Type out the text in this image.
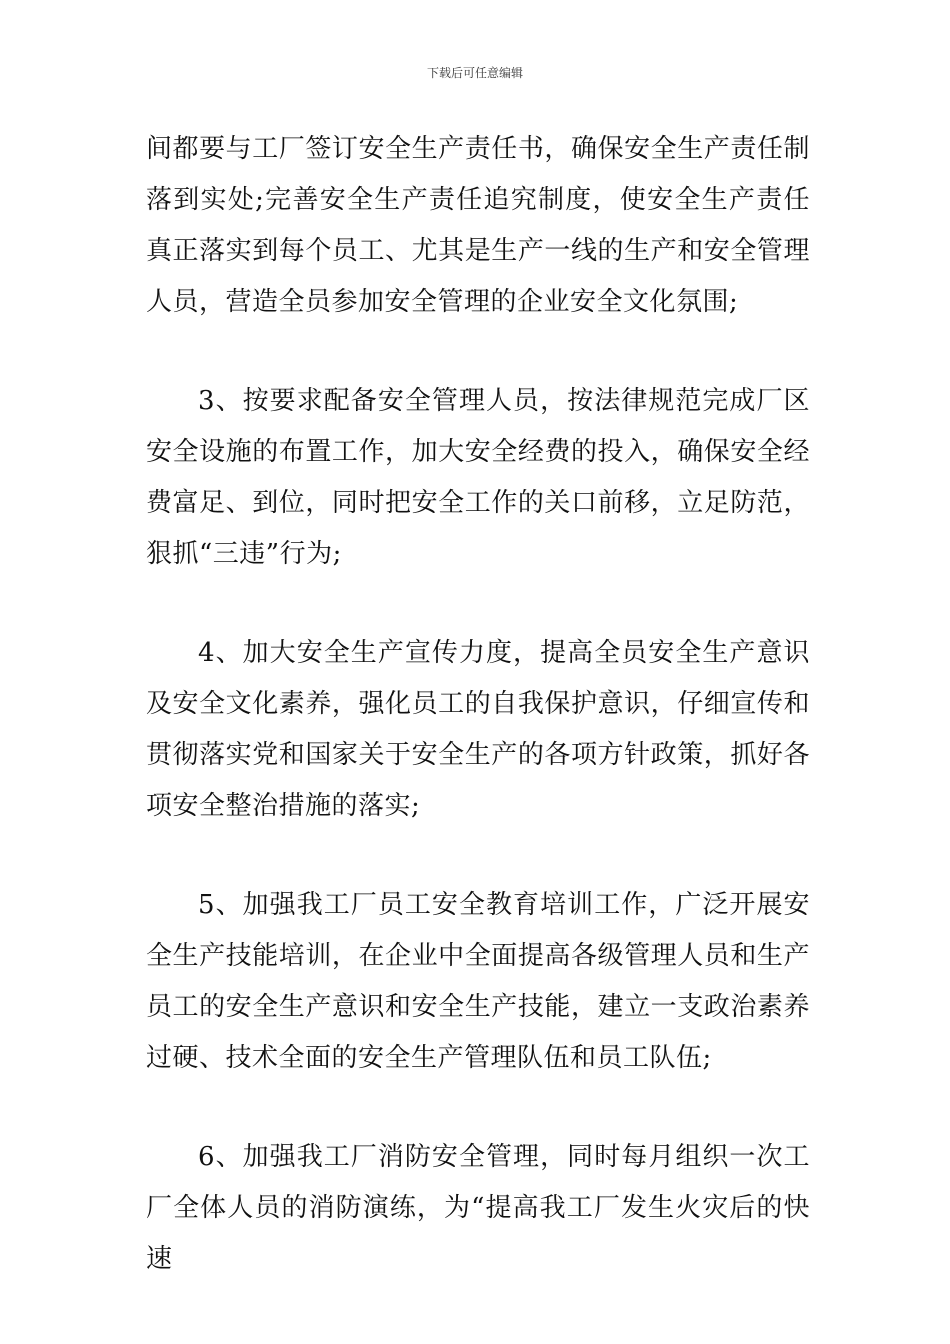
下载后可任意编辑

间都要与工厂签订安全生产责任书，确保安全生产责任制落到实处;完善安全生产责任追究制度，使安全生产责任真正落实到每个员工、尤其是生产一线的生产和安全管理人员，营造全员参加安全管理的企业安全文化氛围;

3、按要求配备安全管理人员，按法律规范完成厂区安全设施的布置工作，加大安全经费的投入，确保安全经费富足、到位，同时把安全工作的关口前移，立足防范，狠抓“三违”行为;

4、加大安全生产宣传力度，提高全员安全生产意识及安全文化素养，强化员工的自我保护意识，仔细宣传和贯彻落实党和国家关于安全生产的各项方针政策，抓好各项安全整治措施的落实;

5、加强我工厂员工安全教育培训工作，广泛开展安全生产技能培训，在企业中全面提高各级管理人员和生产员工的安全生产意识和安全生产技能，建立一支政治素养过硬、技术全面的安全生产管理队伍和员工队伍;

6、加强我工厂消防安全管理，同时每月组织一次工厂全体人员的消防演练，为“提高我工厂发生火灾后的快速
